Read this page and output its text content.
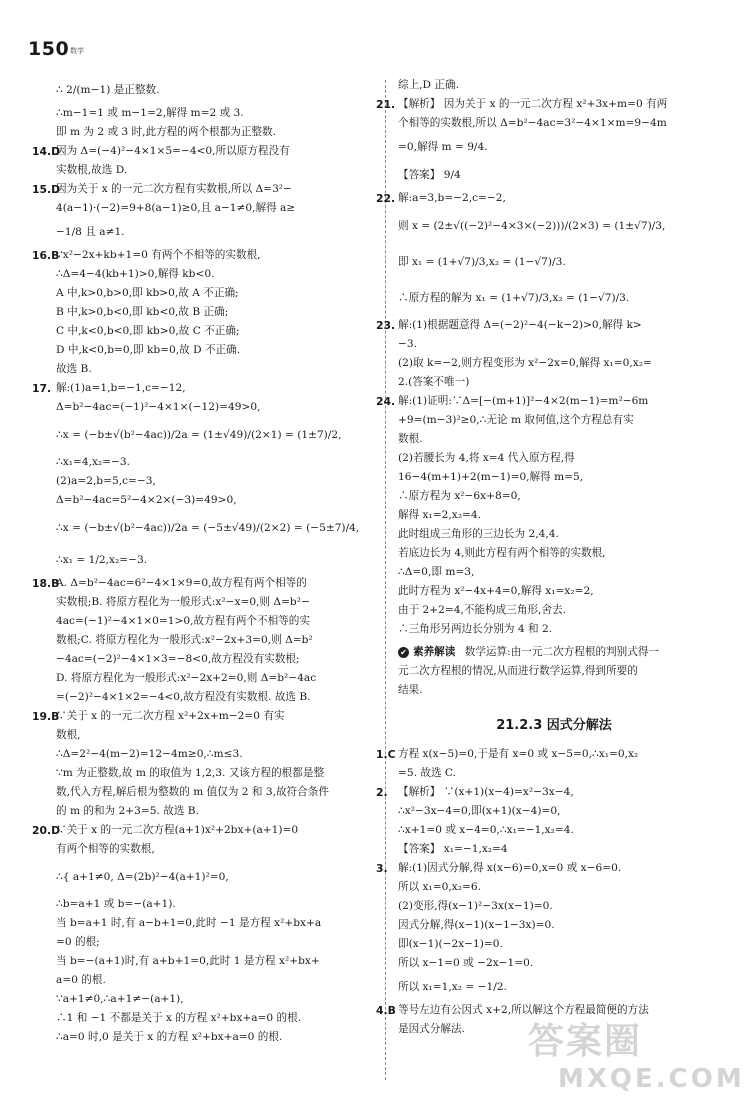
150 数学
∴ 2/(m−1) 是正整数.
∴m−1=1 或 m−1=2,解得 m=2 或 3.
即 m 为 2 或 3 时,此方程的两个根都为正整数.
14.D
因为 Δ=(−4)²−4×1×5=−4<0,所以原方程没有
实数根,故选 D.
15.D
因为关于 x 的一元二次方程有实数根,所以 Δ=3²−
4(a−1)·(−2)=9+8(a−1)≥0,且 a−1≠0,解得 a≥
−1/8 且 a≠1.
16.B
∵x²−2x+kb+1=0 有两个不相等的实数根,
∴Δ=4−4(kb+1)>0,解得 kb<0.
A 中,k>0,b>0,即 kb>0,故 A 不正确;
B 中,k>0,b<0,即 kb<0,故 B 正确;
C 中,k<0,b<0,即 kb>0,故 C 不正确;
D 中,k<0,b=0,即 kb=0,故 D 不正确.
故选 B.
17. 解:(1)a=1,b=−1,c=−12,
Δ=b²−4ac=(−1)²−4×1×(−12)=49>0,
∴x = (−b±√(b²−4ac))/2a = (1±√49)/(2×1) = (1±7)/2,
∴x₁=4,x₂=−3.
(2)a=2,b=5,c=−3,
Δ=b²−4ac=5²−4×2×(−3)=49>0,
∴x = (−b±√(b²−4ac))/2a = (−5±√49)/(2×2) = (−5±7)/4,
∴x₁ = 1/2,x₂=−3.
18.B
A. Δ=b²−4ac=6²−4×1×9=0,故方程有两个相等的
实数根;B. 将原方程化为一般形式:x²−x=0,则 Δ=b²−
4ac=(−1)²−4×1×0=1>0,故方程有两个不相等的实
数根;C. 将原方程化为一般形式:x²−2x+3=0,则 Δ=b²
−4ac=(−2)²−4×1×3=−8<0,故方程没有实数根;
D. 将原方程化为一般形式:x²−2x+2=0,则 Δ=b²−4ac
=(−2)²−4×1×2=−4<0,故方程没有实数根. 故选 B.
19.B
∵关于 x 的一元二次方程 x²+2x+m−2=0 有实
数根,
∴Δ=2²−4(m−2)=12−4m≥0,∴m≤3.
∵m 为正整数,故 m 的取值为 1,2,3. 又该方程的根都是整
数,代入方程,解后根为整数的 m 值仅为 2 和 3,故符合条件
的 m 的和为 2+3=5. 故选 B.
20.D
∵关于 x 的一元二次方程(a+1)x²+2bx+(a+1)=0
有两个相等的实数根,
∴{ a+1≠0, Δ=(2b)²−4(a+1)²=0,
∴b=a+1 或 b=−(a+1).
当 b=a+1 时,有 a−b+1=0,此时 −1 是方程 x²+bx+a
=0 的根;
当 b=−(a+1)时,有 a+b+1=0,此时 1 是方程 x²+bx+
a=0 的根.
∵a+1≠0,∴a+1≠−(a+1),
∴1 和 −1 不都是关于 x 的方程 x²+bx+a=0 的根.
∴a=0 时,0 是关于 x 的方程 x²+bx+a=0 的根.
综上,D 正确.
21. 【解析】 因为关于 x 的一元二次方程 x²+3x+m=0 有两
个相等的实数根,所以 Δ=b²−4ac=3²−4×1×m=9−4m
=0,解得 m = 9/4.
【答案】 9/4
22. 解:a=3,b=−2,c=−2,
则 x = (2±√((−2)²−4×3×(−2)))/(2×3) = (1±√7)/3,
即 x₁ = (1+√7)/3,x₂ = (1−√7)/3.
∴原方程的解为 x₁ = (1+√7)/3,x₂ = (1−√7)/3.
23. 解:(1)根据题意得 Δ=(−2)²−4(−k−2)>0,解得 k>
−3.
(2)取 k=−2,则方程变形为 x²−2x=0,解得 x₁=0,x₂=
2.(答案不唯一)
24. 解:(1)证明:∵Δ=[−(m+1)]²−4×2(m−1)=m²−6m
+9=(m−3)²≥0,∴无论 m 取何值,这个方程总有实
数根.
(2)若腰长为 4,将 x=4 代入原方程,得
16−4(m+1)+2(m−1)=0,解得 m=5,
∴原方程为 x²−6x+8=0,
解得 x₁=2,x₂=4.
此时组成三角形的三边长为 2,4,4.
若底边长为 4,则此方程有两个相等的实数根,
∴Δ=0,即 m=3,
此时方程为 x²−4x+4=0,解得 x₁=x₂=2,
由于 2+2=4,不能构成三角形,舍去.
∴三角形另两边长分别为 4 和 2.
✔ 素养解读 数学运算:由一元二次方程根的判别式得一
元二次方程根的情况,从而进行数学运算,得到所要的
结果.
21.2.3 因式分解法
1.C 方程 x(x−5)=0,于是有 x=0 或 x−5=0,∴x₁=0,x₂
=5. 故选 C.
2. 【解析】 ∵(x+1)(x−4)=x²−3x−4,
∴x²−3x−4=0,即(x+1)(x−4)=0,
∴x+1=0 或 x−4=0,∴x₁=−1,x₂=4.
【答案】 x₁=−1,x₂=4
3. 解:(1)因式分解,得 x(x−6)=0,x=0 或 x−6=0.
所以 x₁=0,x₂=6.
(2)变形,得(x−1)²−3x(x−1)=0.
因式分解,得(x−1)(x−1−3x)=0.
即(x−1)(−2x−1)=0.
所以 x−1=0 或 −2x−1=0.
所以 x₁=1,x₂ = −1/2.
4.B 等号左边有公因式 x+2,所以解这个方程最简便的方法
是因式分解法.	答案圈
MXQE.COM
